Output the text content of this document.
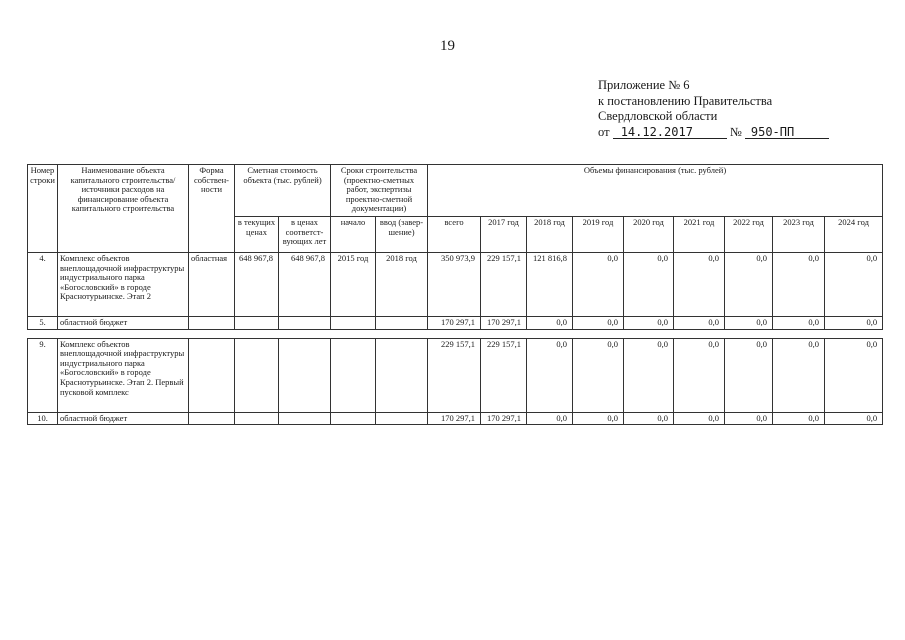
19
Приложение № 6
к постановлению Правительства
Свердловской области
от 14.12.2017	№ 950-ПП
Номер строки	Наименование объекта капитального строительства/ источники расходов на финансирование объекта капитального строительства	Форма собствен-ности	Сметная стоимость объекта (тыс. рублей)		Сроки строительства (проектно-сметных работ, экспертизы проектно-сметной документации)		Объемы финансирования (тыс. рублей)								
			в текущих ценах	в ценах соответст-вующих лет	начало	ввод (завер-шение)	всего	2017 год	2018 год	2019 год	2020 год	2021 год	2022 год	2023 год	2024 год
4.	Комплекс объектов внеплощадочной инфраструктуры индустриального парка «Богословский» в городе Краснотурьинске. Этап 2	областная	648 967,8	648 967,8	2015 год	2018 год	350 973,9	229 157,1	121 816,8	0,0	0,0	0,0	0,0	0,0	0,0
5.	областной бюджет						170 297,1	170 297,1	0,0	0,0	0,0	0,0	0,0	0,0	0,0

9.	Комплекс объектов внеплощадочной инфраструктуры индустриального парка «Богословский» в городе Краснотурьинске. Этап 2. Первый пусковой комплекс						229 157,1	229 157,1	0,0	0,0	0,0	0,0	0,0	0,0	0,0
10.	областной бюджет						170 297,1	170 297,1	0,0	0,0	0,0	0,0	0,0	0,0	0,0
